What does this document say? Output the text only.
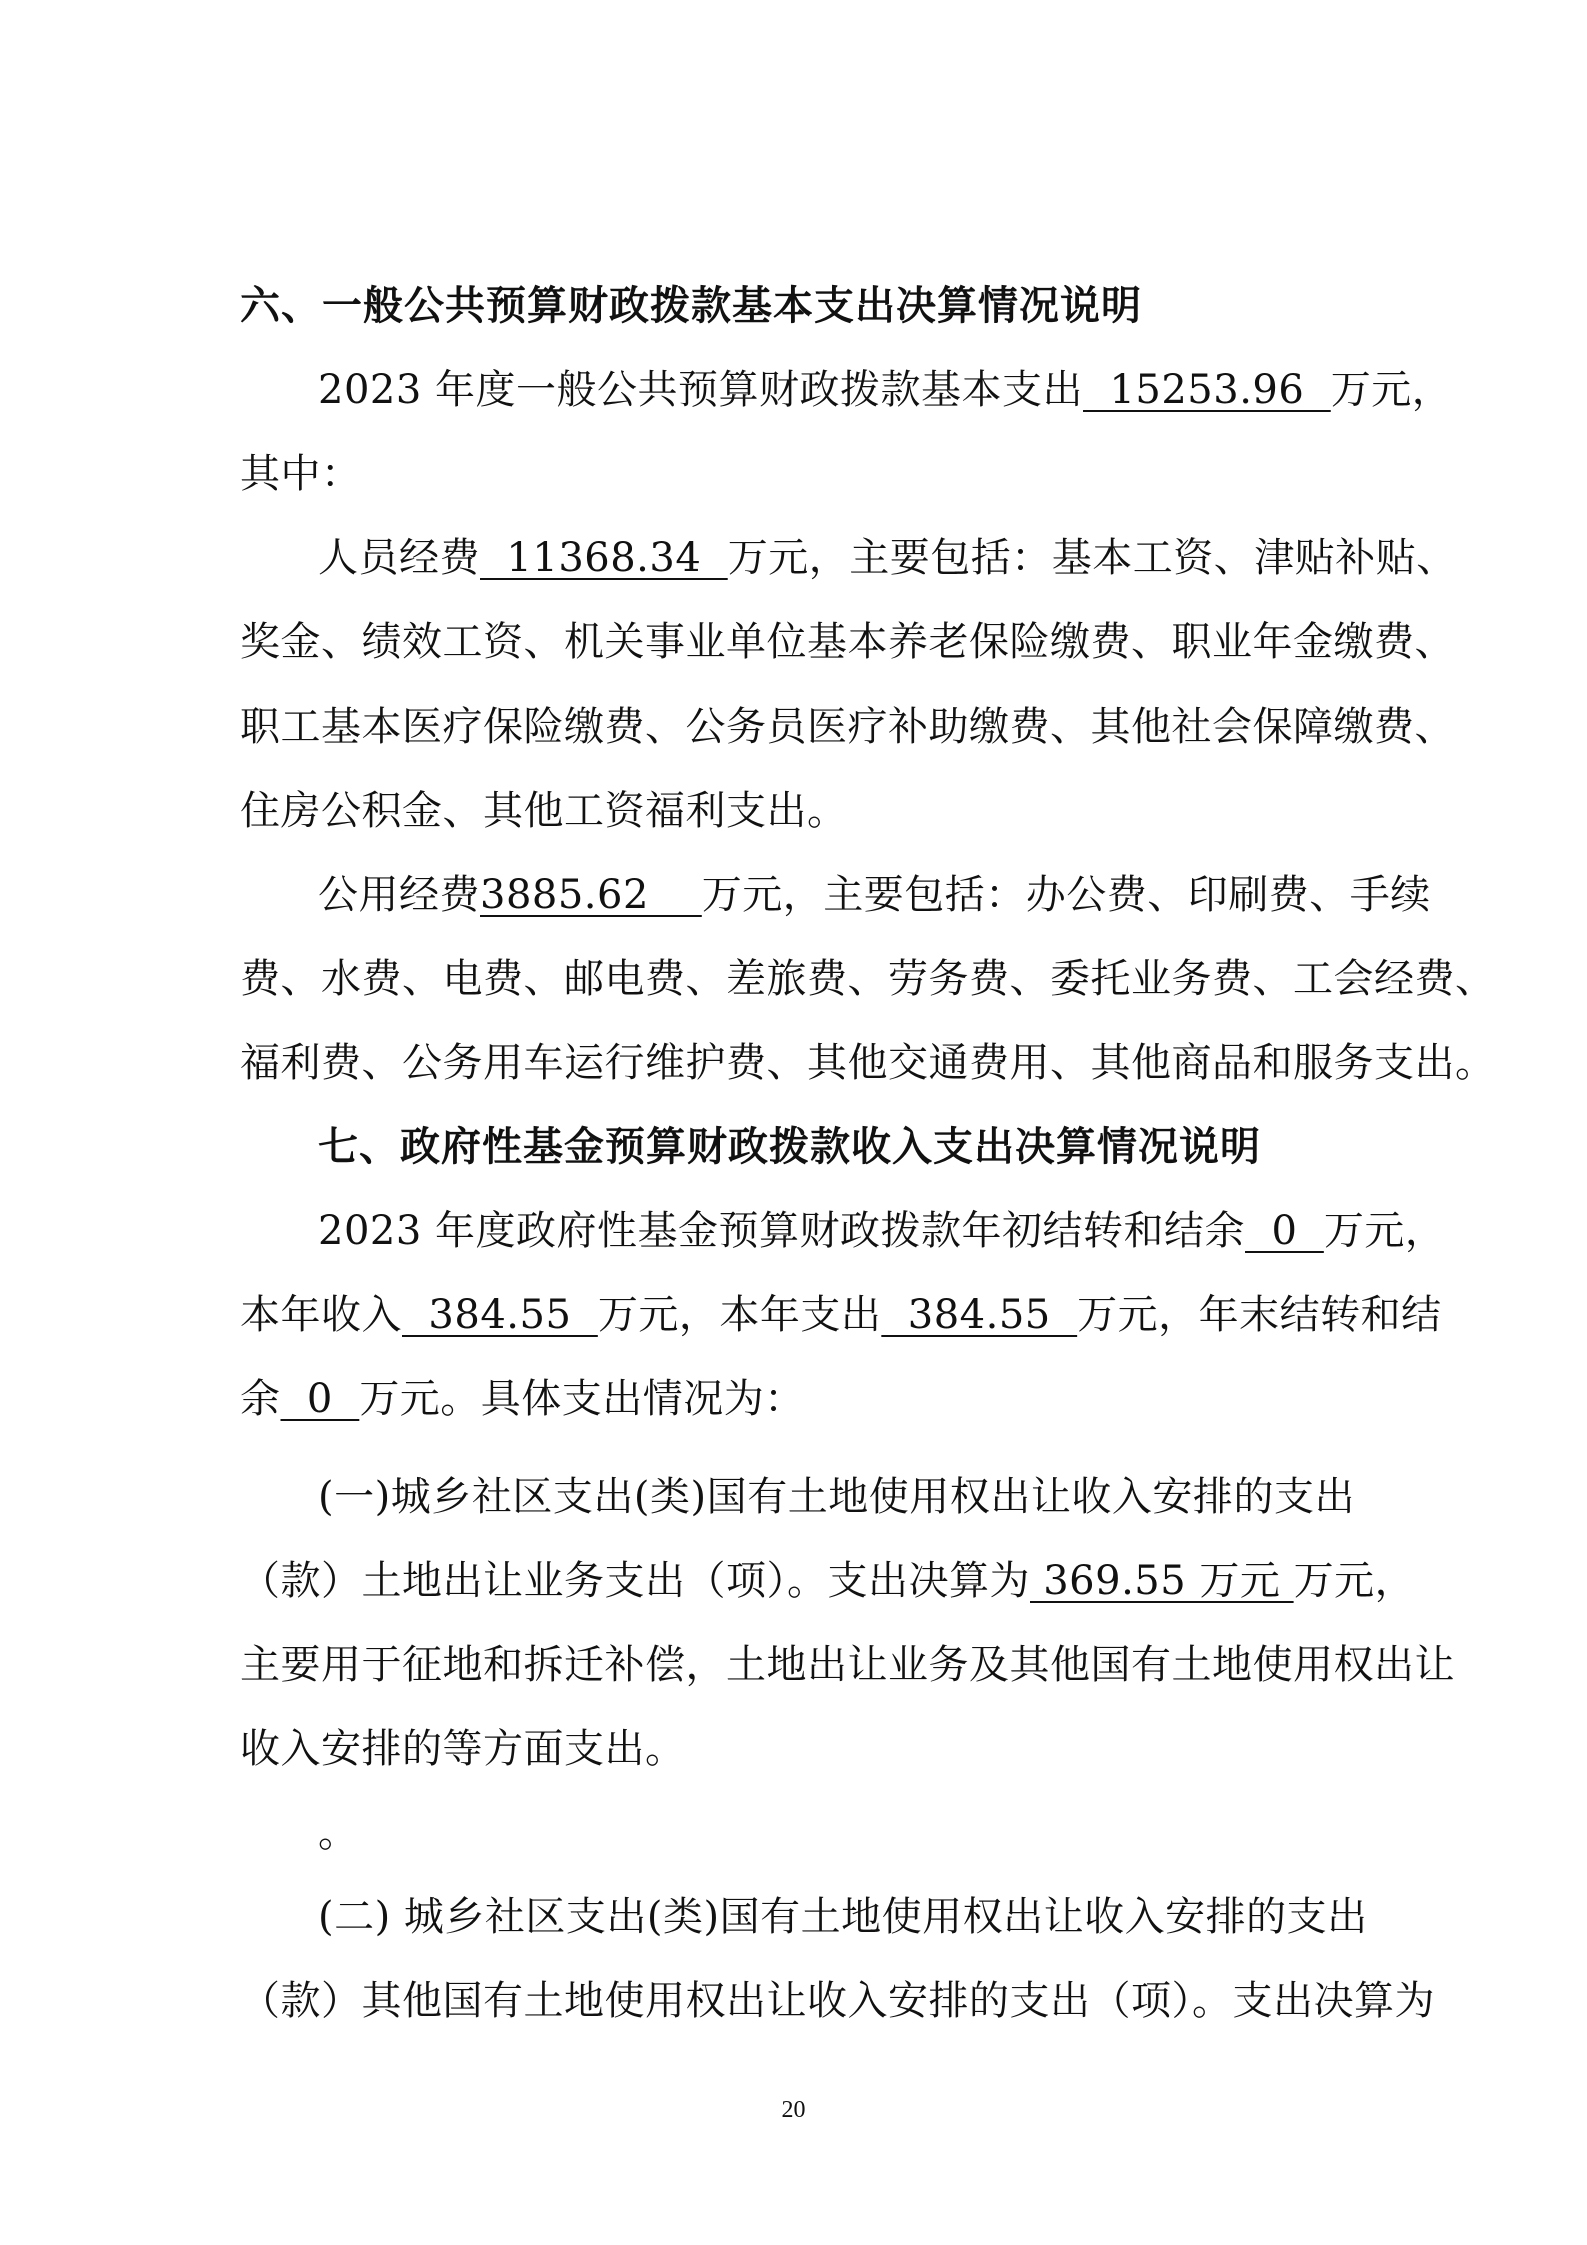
六、一般公共预算财政拨款基本支出决算情况说明
2023 年度一般公共预算财政拨款基本支出  15253.96  万元，
其中：
人员经费  11368.34  万元，主要包括：基本工资、津贴补贴、
奖金、绩效工资、机关事业单位基本养老保险缴费、职业年金缴费、
职工基本医疗保险缴费、公务员医疗补助缴费、其他社会保障缴费、
住房公积金、其他工资福利支出。
公用经费3885.62    万元，主要包括：办公费、印刷费、手续
费、水费、电费、邮电费、差旅费、劳务费、委托业务费、工会经费、
福利费、公务用车运行维护费、其他交通费用、其他商品和服务支出。
七、政府性基金预算财政拨款收入支出决算情况说明
2023 年度政府性基金预算财政拨款年初结转和结余  0  万元，
本年收入  384.55  万元，本年支出  384.55  万元，年末结转和结
余  0  万元。具体支出情况为：
(一)城乡社区支出(类)国有土地使用权出让收入安排的支出
（款）土地出让业务支出（项）。支出决算为 369.55 万元 万元，
主要用于征地和拆迁补偿，土地出让业务及其他国有土地使用权出让
收入安排的等方面支出。
。
(二) 城乡社区支出(类)国有土地使用权出让收入安排的支出
（款）其他国有土地使用权出让收入安排的支出（项）。支出决算为
20
